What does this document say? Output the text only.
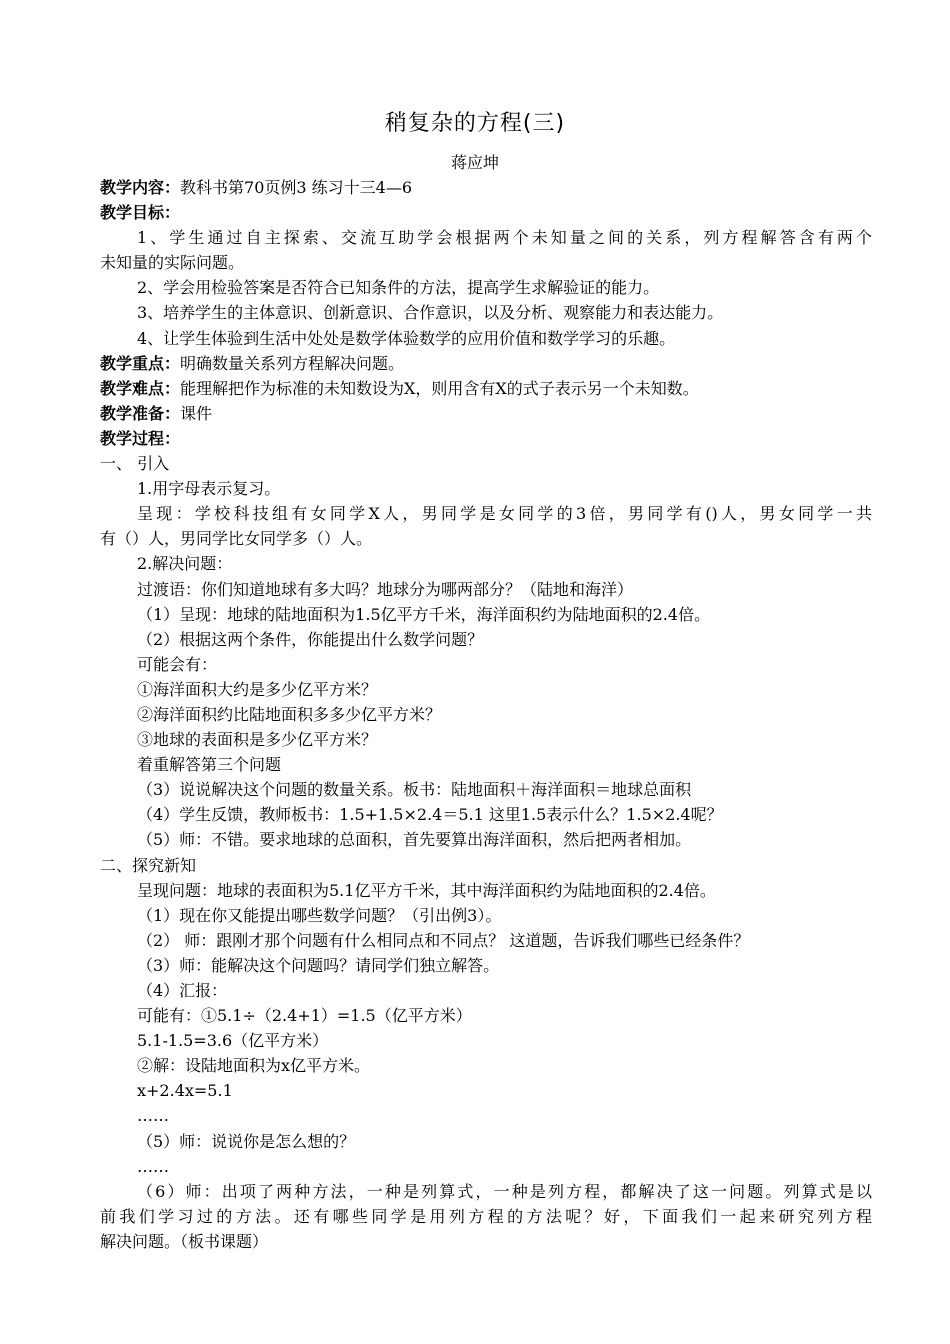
稍复杂的方程(三)
蒋应坤
教学内容：教科书第70页例3 练习十三4—6
教学目标：
1、学生通过自主探索、交流互助学会根据两个未知量之间的关系，列方程解答含有两个
未知量的实际问题。
2、学会用检验答案是否符合已知条件的方法，提高学生求解验证的能力。
3、培养学生的主体意识、创新意识、合作意识，以及分析、观察能力和表达能力。
4、让学生体验到生活中处处是数学体验数学的应用价值和数学学习的乐趣。
教学重点：明确数量关系列方程解决问题。
教学难点：能理解把作为标准的未知数设为X，则用含有X的式子表示另一个未知数。
教学准备：课件
教学过程：
一、 引入
1.用字母表示复习。
呈现：学校科技组有女同学X人，男同学是女同学的3倍，男同学有()人，男女同学一共
有（）人，男同学比女同学多（）人。
2.解决问题：
过渡语：你们知道地球有多大吗？地球分为哪两部分？（陆地和海洋）
（1）呈现：地球的陆地面积为1.5亿平方千米，海洋面积约为陆地面积的2.4倍。
（2）根据这两个条件，你能提出什么数学问题？
可能会有：
①海洋面积大约是多少亿平方米？
②海洋面积约比陆地面积多多少亿平方米？
③地球的表面积是多少亿平方米？
着重解答第三个问题
（3）说说解决这个问题的数量关系。板书：陆地面积＋海洋面积＝地球总面积
（4）学生反馈，教师板书：1.5+1.5×2.4＝5.1 这里1.5表示什么？1.5×2.4呢？
（5）师：不错。要求地球的总面积，首先要算出海洋面积，然后把两者相加。
二、探究新知
呈现问题：地球的表面积为5.1亿平方千米，其中海洋面积约为陆地面积的2.4倍。
（1）现在你又能提出哪些数学问题？（引出例3）。
（2） 师：跟刚才那个问题有什么相同点和不同点？ 这道题，告诉我们哪些已经条件？
（3）师：能解决这个问题吗？请同学们独立解答。
（4）汇报：
可能有：①5.1÷（2.4+1）=1.5（亿平方米）
5.1-1.5=3.6（亿平方米）
②解：设陆地面积为x亿平方米。
x+2.4x=5.1
……
（5）师：说说你是怎么想的？
……
（6）师：出项了两种方法，一种是列算式，一种是列方程，都解决了这一问题。列算式是以
前我们学习过的方法。还有哪些同学是用列方程的方法呢？好，下面我们一起来研究列方程
解决问题。（板书课题）
